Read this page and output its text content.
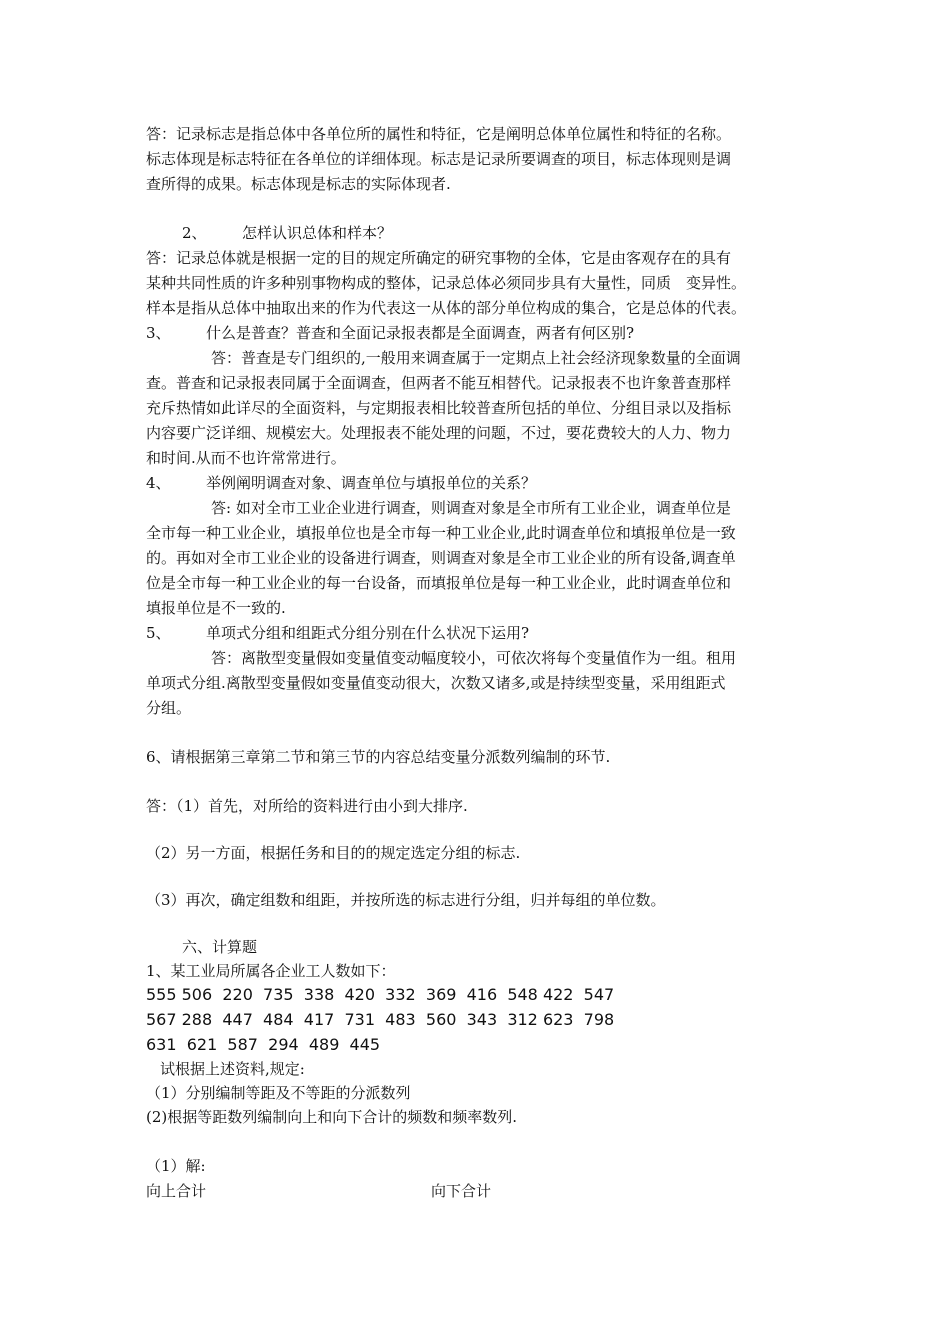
答：记录标志是指总体中各单位所的属性和特征，它是阐明总体单位属性和特征的名称。
标志体现是标志特征在各单位的详细体现。标志是记录所要调查的项目，标志体现则是调
查所得的成果。标志体现是标志的实际体现者.
2、 怎样认识总体和样本？
答：记录总体就是根据一定的目的规定所确定的研究事物的全体，它是由客观存在的具有
某种共同性质的许多种别事物构成的整体，记录总体必须同步具有大量性，同质　变异性。
样本是指从总体中抽取出来的作为代表这一从体的部分单位构成的集合，它是总体的代表。
3、 什么是普查？普查和全面记录报表都是全面调查，两者有何区别?
答：普查是专门组织的,一般用来调查属于一定期点上社会经济现象数量的全面调
查。普查和记录报表同属于全面调查，但两者不能互相替代。记录报表不也许象普查那样
充斥热情如此详尽的全面资料，与定期报表相比较普查所包括的单位、分组目录以及指标
内容要广泛详细、规模宏大。处理报表不能处理的问题，不过，要花费较大的人力、物力
和时间.从而不也许常常进行。
4、 举例阐明调查对象、调查单位与填报单位的关系？
答: 如对全市工业企业进行调查，则调查对象是全市所有工业企业，调查单位是
全市每一种工业企业，填报单位也是全市每一种工业企业,此时调查单位和填报单位是一致
的。再如对全市工业企业的设备进行调查，则调查对象是全市工业企业的所有设备,调查单
位是全市每一种工业企业的每一台设备，而填报单位是每一种工业企业，此时调查单位和
填报单位是不一致的.
5、 单项式分组和组距式分组分别在什么状况下运用?
答：离散型变量假如变量值变动幅度较小，可依次将每个变量值作为一组。租用
单项式分组.离散型变量假如变量值变动很大，次数又诸多,或是持续型变量，采用组距式
分组。
6、请根据第三章第二节和第三节的内容总结变量分派数列编制的环节.
答：（1）首先，对所给的资料进行由小到大排序.
（2）另一方面，根据任务和目的的规定选定分组的标志.
（3）再次，确定组数和组距，并按所选的标志进行分组，归并每组的单位数。
六、计算题
1、某工业局所属各企业工人数如下：
555 506  220  735  338  420  332  369  416  548 422  547
567 288  447  484  417  731  483  560  343  312 623  798
631  621  587  294  489  445
试根据上述资料,规定:
（1）分别编制等距及不等距的分派数列
(2)根据等距数列编制向上和向下合计的频数和频率数列.
（1）解:
向上合计	向下合计
